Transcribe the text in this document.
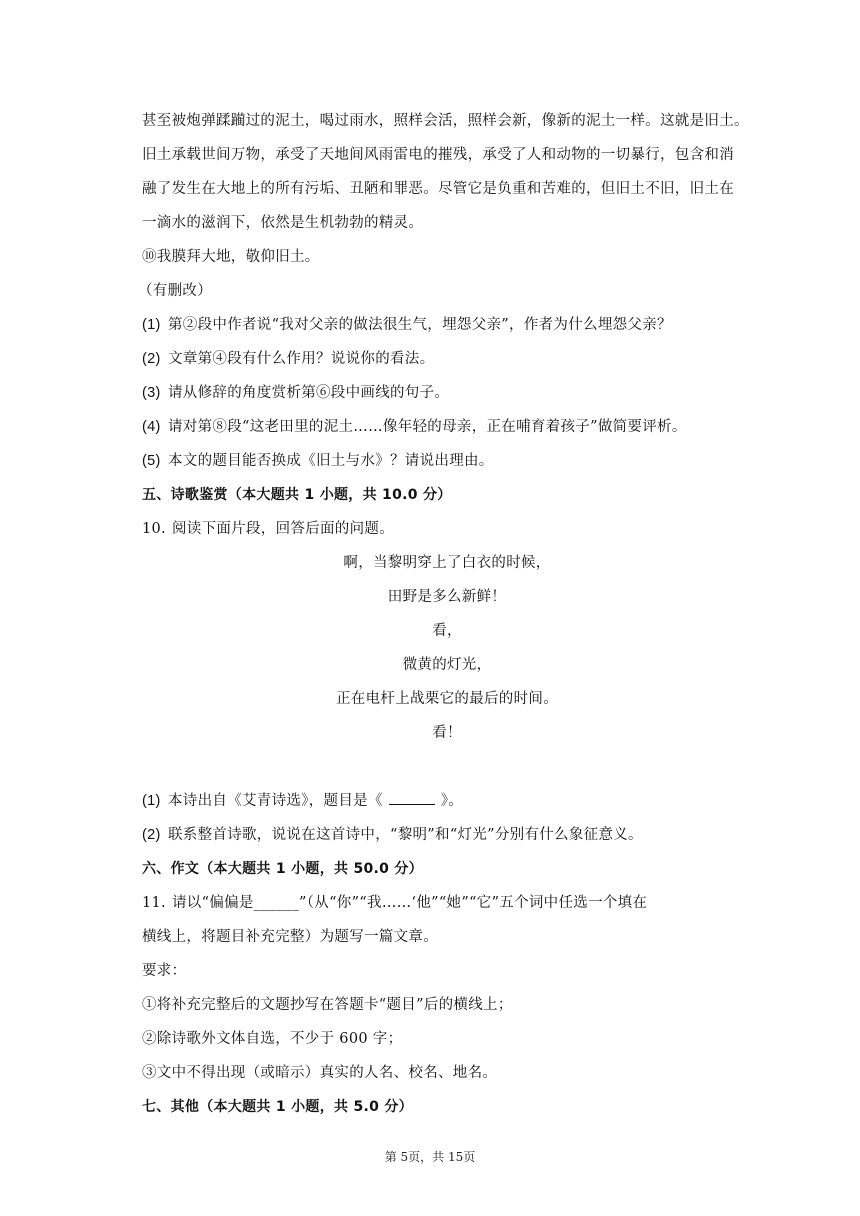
甚至被炮弹蹂躏过的泥土，喝过雨水，照样会活，照样会新，像新的泥土一样。这就是旧土。
旧土承载世间万物，承受了天地间风雨雷电的摧残，承受了人和动物的一切暴行，包含和消
融了发生在大地上的所有污垢、丑陋和罪恶。尽管它是负重和苦难的，但旧土不旧，旧土在
一滴水的滋润下，依然是生机勃勃的精灵。
⑩我膜拜大地，敬仰旧土。
（有删改）
(1) 第②段中作者说“我对父亲的做法很生气，埋怨父亲”，作者为什么埋怨父亲？
(2) 文章第④段有什么作用？说说你的看法。
(3) 请从修辞的角度赏析第⑥段中画线的句子。
(4) 请对第⑧段“这老田里的泥土……像年轻的母亲，正在哺育着孩子”做简要评析。
(5) 本文的题目能否换成《旧土与水》？请说出理由。
五、诗歌鉴赏（本大题共 1 小题，共 10.0 分）
10. 阅读下面片段，回答后面的问题。
啊，当黎明穿上了白衣的时候，
田野是多么新鲜！
看，
微黄的灯光，
正在电杆上战栗它的最后的时间。
看！
(1) 本诗出自《艾青诗选》，题目是《	》。
(2) 联系整首诗歌，说说在这首诗中，“黎明”和“灯光”分别有什么象征意义。
六、作文（本大题共 1 小题，共 50.0 分）
11. 请以“偏偏是______”（从“你”“我……‘他”“她”“它”五个词中任选一个填在
横线上，将题目补充完整）为题写一篇文章。
要求：
①将补充完整后的文题抄写在答题卡“题目”后的横线上；
②除诗歌外文体自选，不少于 600 字；
③文中不得出现（或暗示）真实的人名、校名、地名。
七、其他（本大题共 1 小题，共 5.0 分）
第 5页，共 15页
